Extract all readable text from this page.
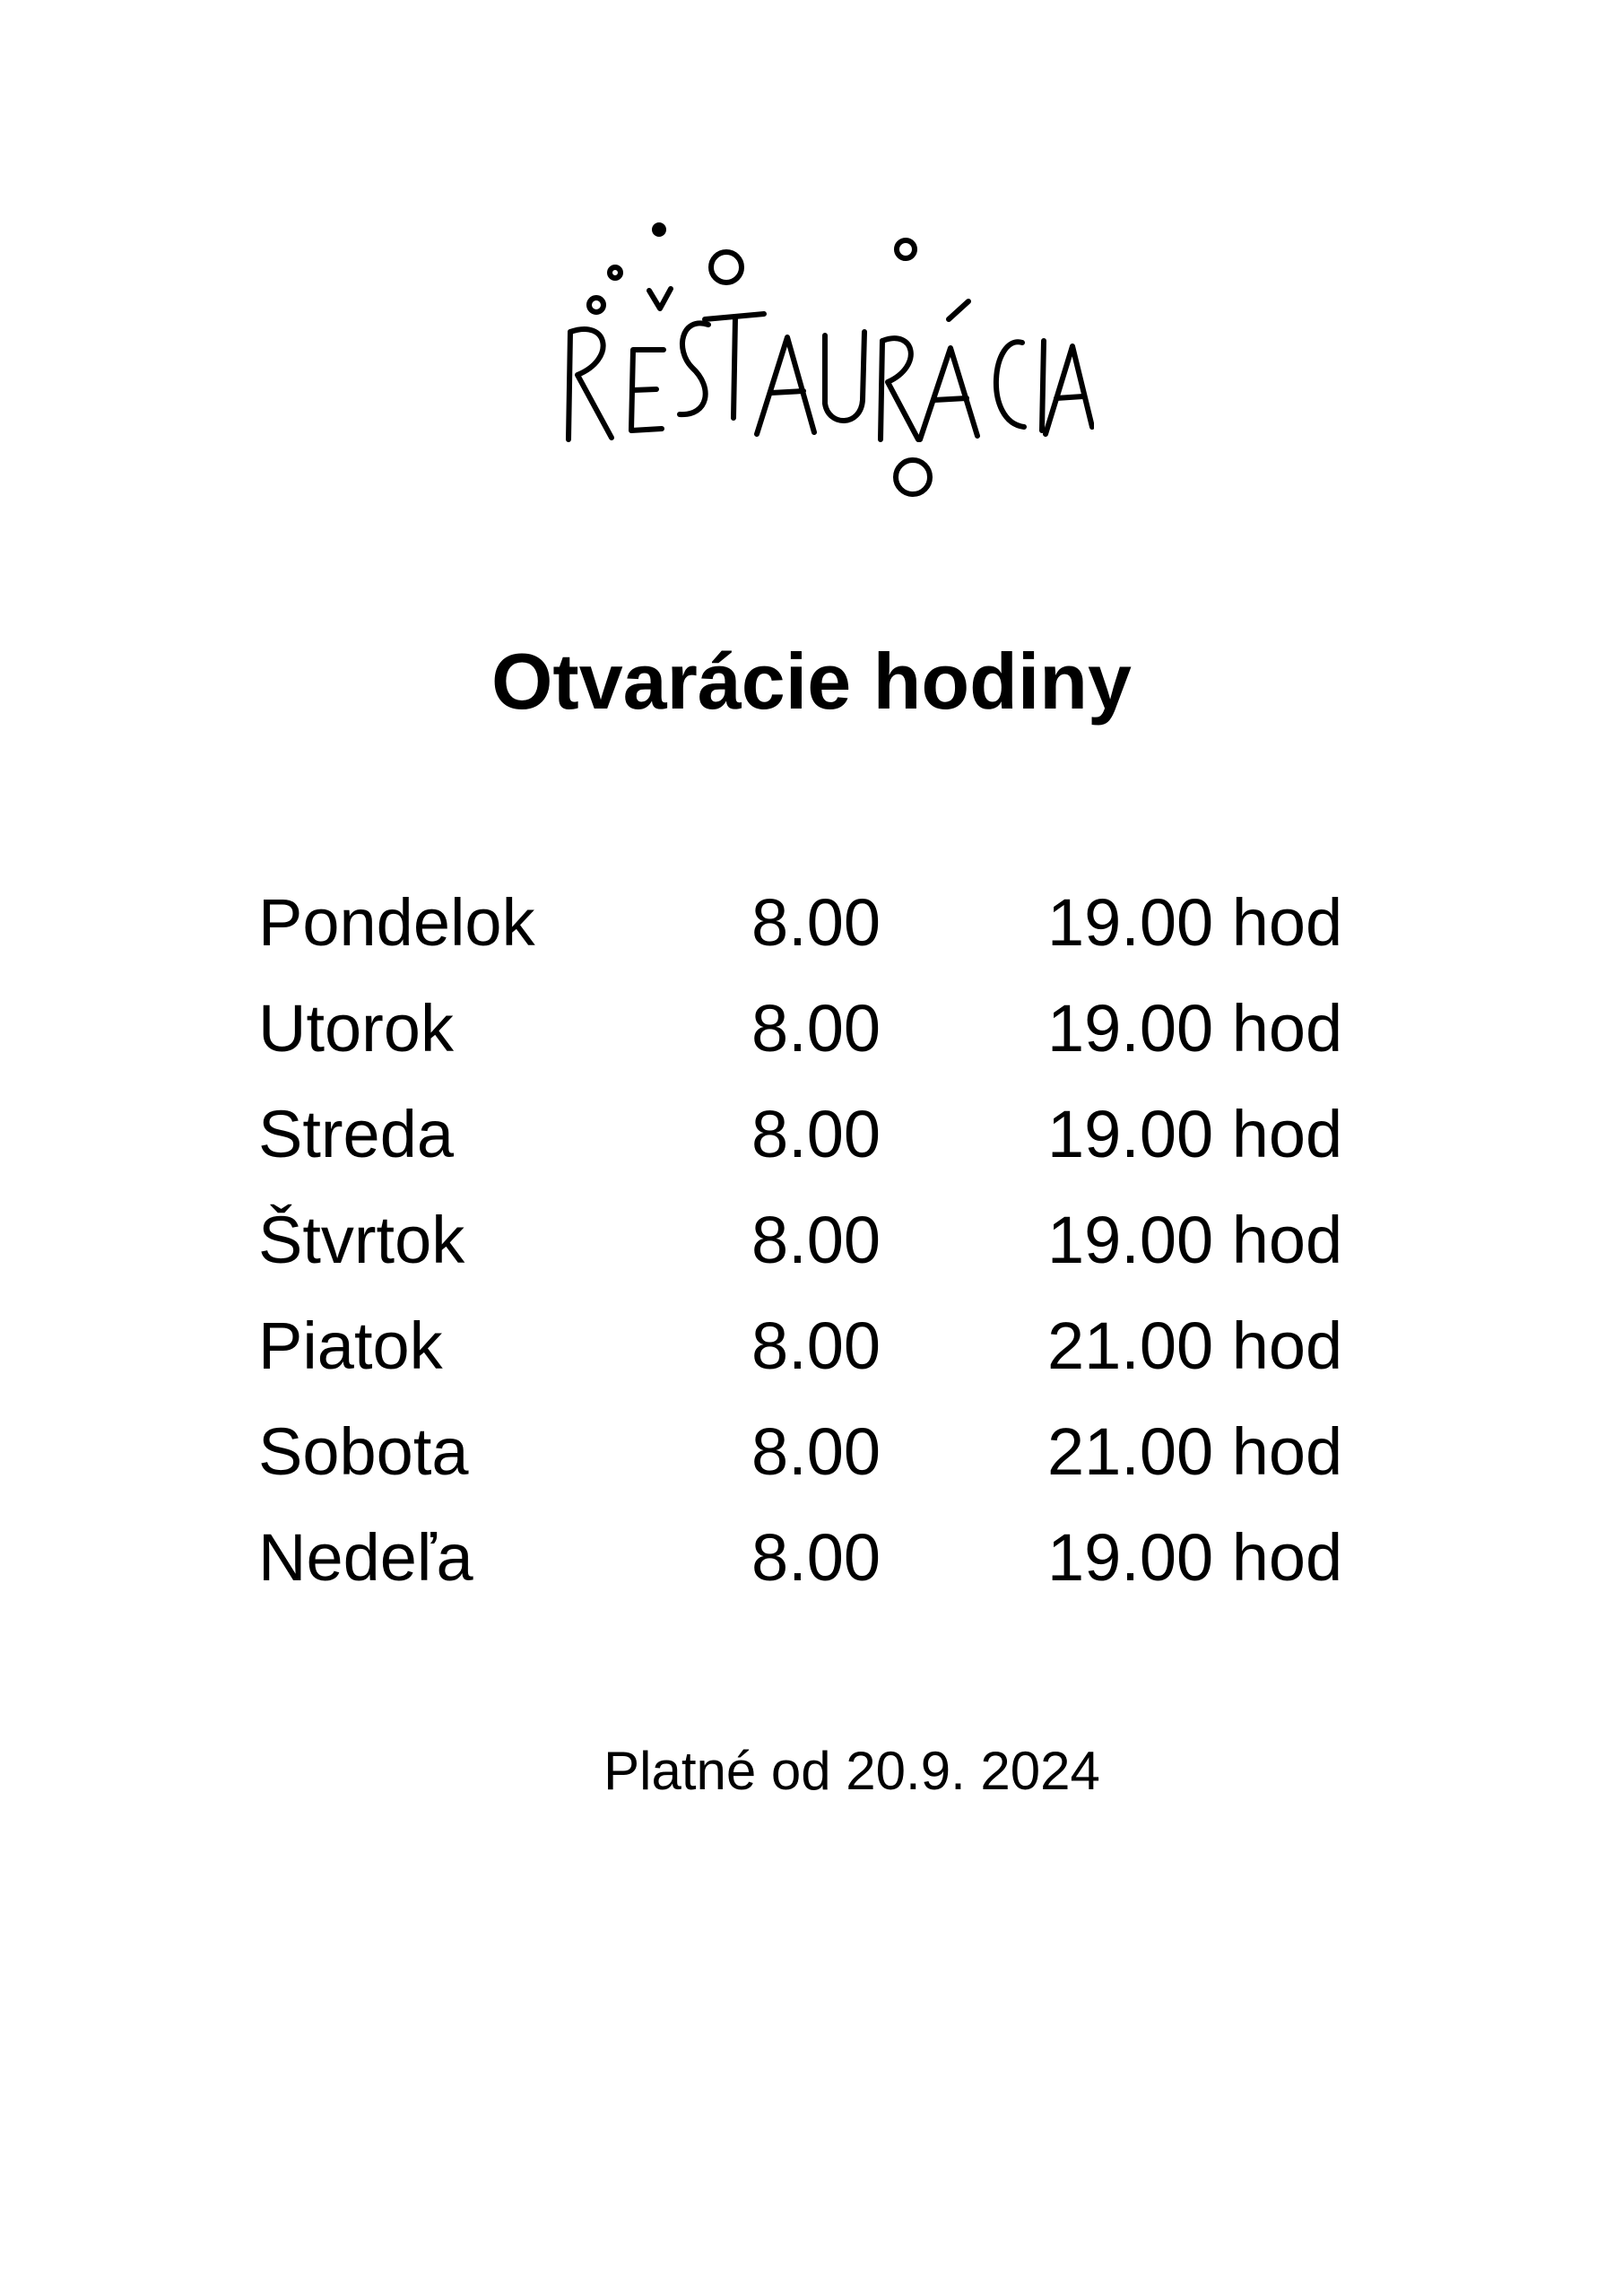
Otvarácie hodiny
Pondelok	8.00	19.00 hod
Utorok	8.00	19.00 hod
Streda	8.00	19.00 hod
Štvrtok	8.00	19.00 hod
Piatok	8.00	21.00 hod
Sobota	8.00	21.00 hod
Nedeľa	8.00	19.00 hod
Platné od 20.9. 2024
